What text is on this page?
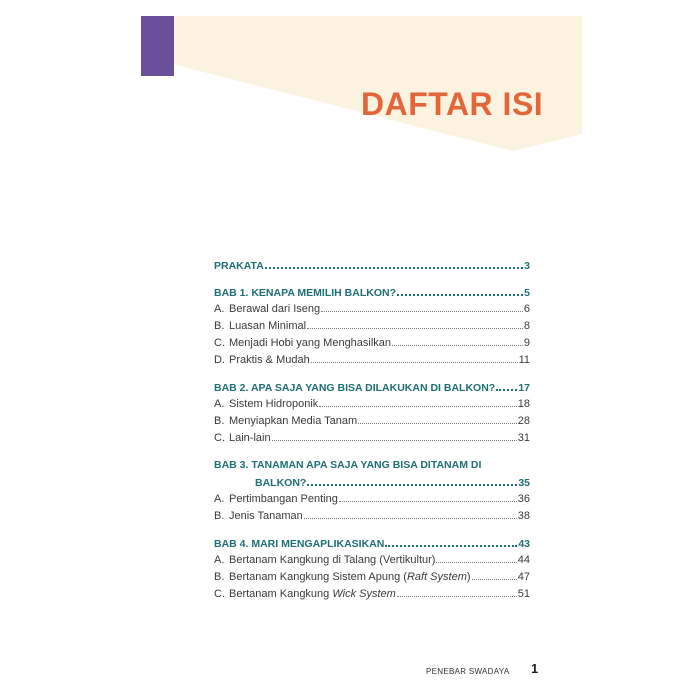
DAFTAR ISI
PRAKATA	3
BAB 1. KENAPA MEMILIH BALKON?	5
A. Berawal dari Iseng	6
B. Luasan Minimal	8
C. Menjadi Hobi yang Menghasilkan	9
D. Praktis & Mudah	11
BAB 2. APA SAJA YANG BISA DILAKUKAN DI BALKON? 17
A. Sistem Hidroponik	18
B. Menyiapkan Media Tanam	28
C. Lain-lain	31
BAB 3. TANAMAN APA SAJA YANG BISA DITANAM DI
BALKON?	35
A. Pertimbangan Penting	36
B. Jenis Tanaman	38
BAB 4. MARI MENGAPLIKASIKAN	43
A. Bertanam Kangkung di Talang (Vertikultur)	44
B. Bertanam Kangkung Sistem Apung (Raft System)	47
C. Bertanam Kangkung Wick System	51
PENEBAR SWADAYA 1
